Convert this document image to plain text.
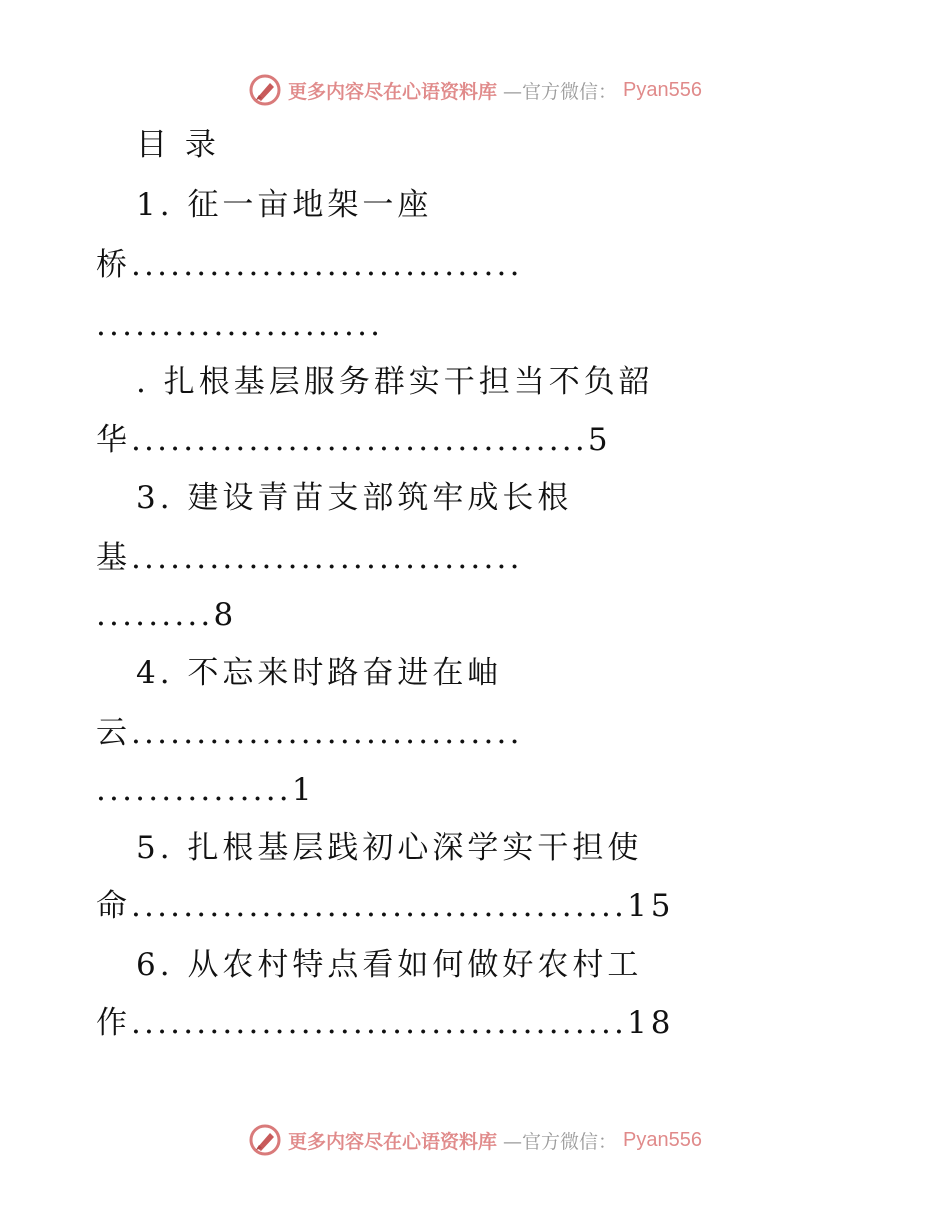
更多内容尽在心语资料库 —官方微信： Pyan556
目 录
1. 征一亩地架一座
桥..............................
......................
. 扎根基层服务群实干担当不负韶
华...................................5
3. 建设青苗支部筑牢成长根
基..............................
.........8
4. 不忘来时路奋进在岫
云..............................
...............1
5. 扎根基层践初心深学实干担使
命......................................15
6. 从农村特点看如何做好农村工
作......................................18
更多内容尽在心语资料库 —官方微信： Pyan556
